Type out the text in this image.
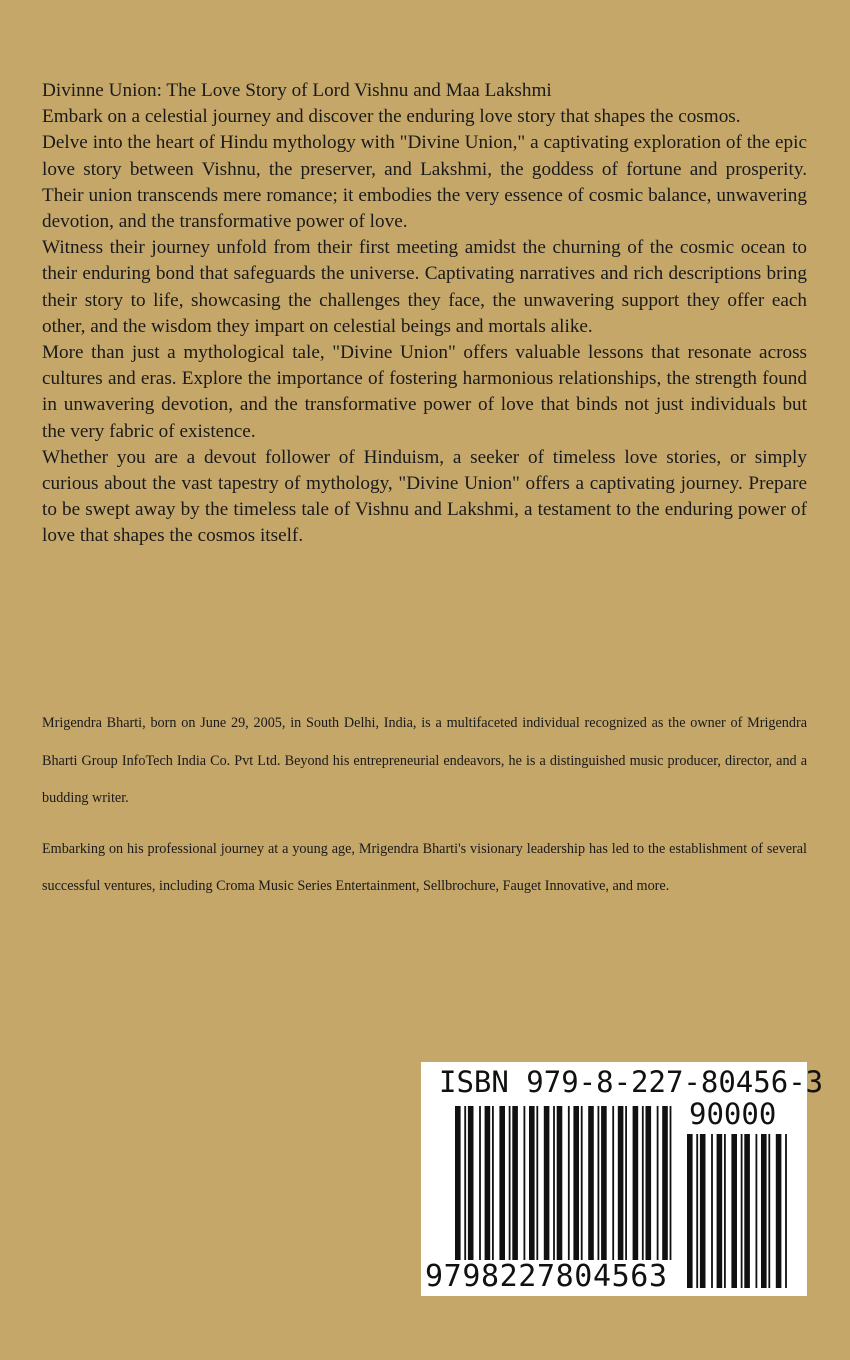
Divinne Union: The Love Story of Lord Vishnu and Maa Lakshmi

Embark on a celestial journey and discover the enduring love story that shapes the cosmos.

Delve into the heart of Hindu mythology with "Divine Union," a captivating exploration of the epic love story between Vishnu, the preserver, and Lakshmi, the goddess of fortune and prosperity. Their union transcends mere romance; it embodies the very essence of cosmic balance, unwavering devotion, and the transformative power of love.

Witness their journey unfold from their first meeting amidst the churning of the cosmic ocean to their enduring bond that safeguards the universe. Captivating narratives and rich descriptions bring their story to life, showcasing the challenges they face, the unwavering support they offer each other, and the wisdom they impart on celestial beings and mortals alike.

More than just a mythological tale, "Divine Union" offers valuable lessons that resonate across cultures and eras. Explore the importance of fostering harmonious relationships, the strength found in unwavering devotion, and the transformative power of love that binds not just individuals but the very fabric of existence.

Whether you are a devout follower of Hinduism, a seeker of timeless love stories, or simply curious about the vast tapestry of mythology, "Divine Union" offers a captivating journey. Prepare to be swept away by the timeless tale of Vishnu and Lakshmi, a testament to the enduring power of love that shapes the cosmos itself.

Mrigendra Bharti, born on June 29, 2005, in South Delhi, India, is a multifaceted individual recognized as the owner of Mrigendra Bharti Group InfoTech India Co. Pvt Ltd. Beyond his entrepreneurial endeavors, he is a distinguished music producer, director, and a budding writer.

Embarking on his professional journey at a young age, Mrigendra Bharti's visionary leadership has led to the establishment of several successful ventures, including Croma Music Series Entertainment, Sellbrochure, Fauget Innovative, and more.

ISBN 979-8-227-80456-3
90000
9798227804563
